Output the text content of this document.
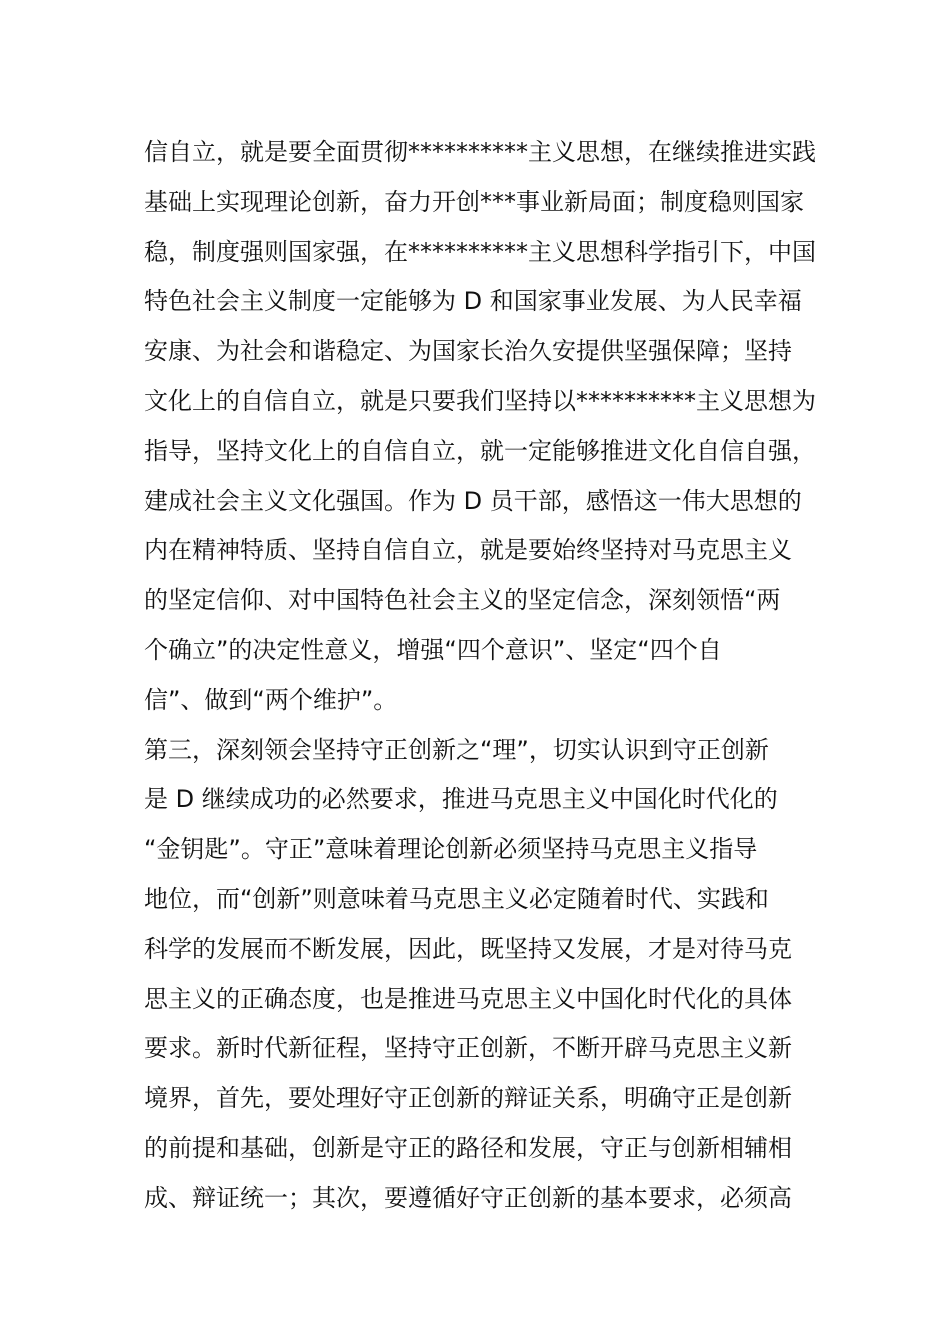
信自立，就是要全面贯彻**********主义思想，在继续推进实践
基础上实现理论创新，奋力开创***事业新局面；制度稳则国家
稳，制度强则国家强，在**********主义思想科学指引下，中国
特色社会主义制度一定能够为 D 和国家事业发展、为人民幸福
安康、为社会和谐稳定、为国家长治久安提供坚强保障；坚持
文化上的自信自立，就是只要我们坚持以**********主义思想为
指导，坚持文化上的自信自立，就一定能够推进文化自信自强，
建成社会主义文化强国。作为 D 员干部，感悟这一伟大思想的
内在精神特质、坚持自信自立，就是要始终坚持对马克思主义
的坚定信仰、对中国特色社会主义的坚定信念，深刻领悟“两
个确立”的决定性意义，增强“四个意识”、坚定“四个自
信”、做到“两个维护”。
第三，深刻领会坚持守正创新之“理”，切实认识到守正创新
是 D 继续成功的必然要求，推进马克思主义中国化时代化的
“金钥匙”。守正”意味着理论创新必须坚持马克思主义指导
地位，而“创新”则意味着马克思主义必定随着时代、实践和
科学的发展而不断发展，因此，既坚持又发展，才是对待马克
思主义的正确态度，也是推进马克思主义中国化时代化的具体
要求。新时代新征程，坚持守正创新，不断开辟马克思主义新
境界，首先，要处理好守正创新的辩证关系，明确守正是创新
的前提和基础，创新是守正的路径和发展，守正与创新相辅相
成、辩证统一；其次，要遵循好守正创新的基本要求，必须高
